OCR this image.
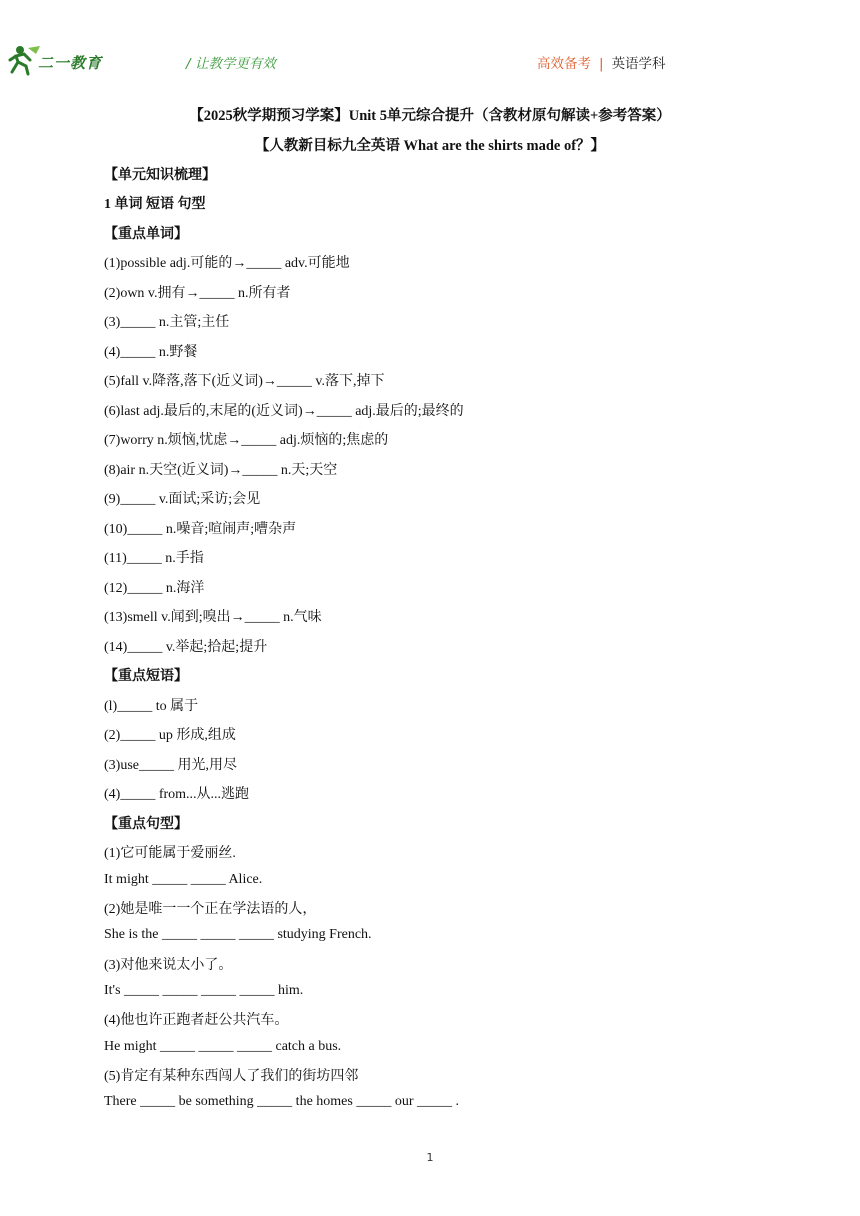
二一教育	/ 让教学更有效	高效备考 | 英语学科
【2025秋学期预习学案】Unit 5单元综合提升（含教材原句解读+参考答案）
【人教新目标九全英语 What are the shirts made of？】
【单元知识梳理】
1 单词 短语 句型
【重点单词】
(1)possible adj.可能的→_____ adv.可能地
(2)own v.拥有→_____ n.所有者
(3)_____ n.主管;主任
(4)_____ n.野餐
(5)fall v.降落,落下(近义词)→_____ v.落下,掉下
(6)last adj.最后的,末尾的(近义词)→_____ adj.最后的;最终的
(7)worry n.烦恼,忧虑→_____ adj.烦恼的;焦虑的
(8)air n.天空(近义词)→_____ n.天;天空
(9)_____ v.面试;采访;会见
(10)_____ n.噪音;喧闹声;嘈杂声
(11)_____ n.手指
(12)_____ n.海洋
(13)smell v.闻到;嗅出→_____ n.气味
(14)_____ v.举起;拾起;提升
【重点短语】
(l)_____ to 属于
(2)_____ up 形成,组成
(3)use_____ 用光,用尽
(4)_____ from...从...逃跑
【重点句型】
(1)它可能属于爱丽丝.
It might _____ _____ Alice.
(2)她是唯一一个正在学法语的人，
She is the _____ _____ _____ studying French.
(3)对他来说太小了。
It's _____ _____ _____ _____ him.
(4)他也许正跑者赶公共汽车。
He might _____ _____ _____ catch a bus.
(5)肯定有某种东西闯人了我们的街坊四邻
There _____ be something _____ the homes _____ our _____ .
1
